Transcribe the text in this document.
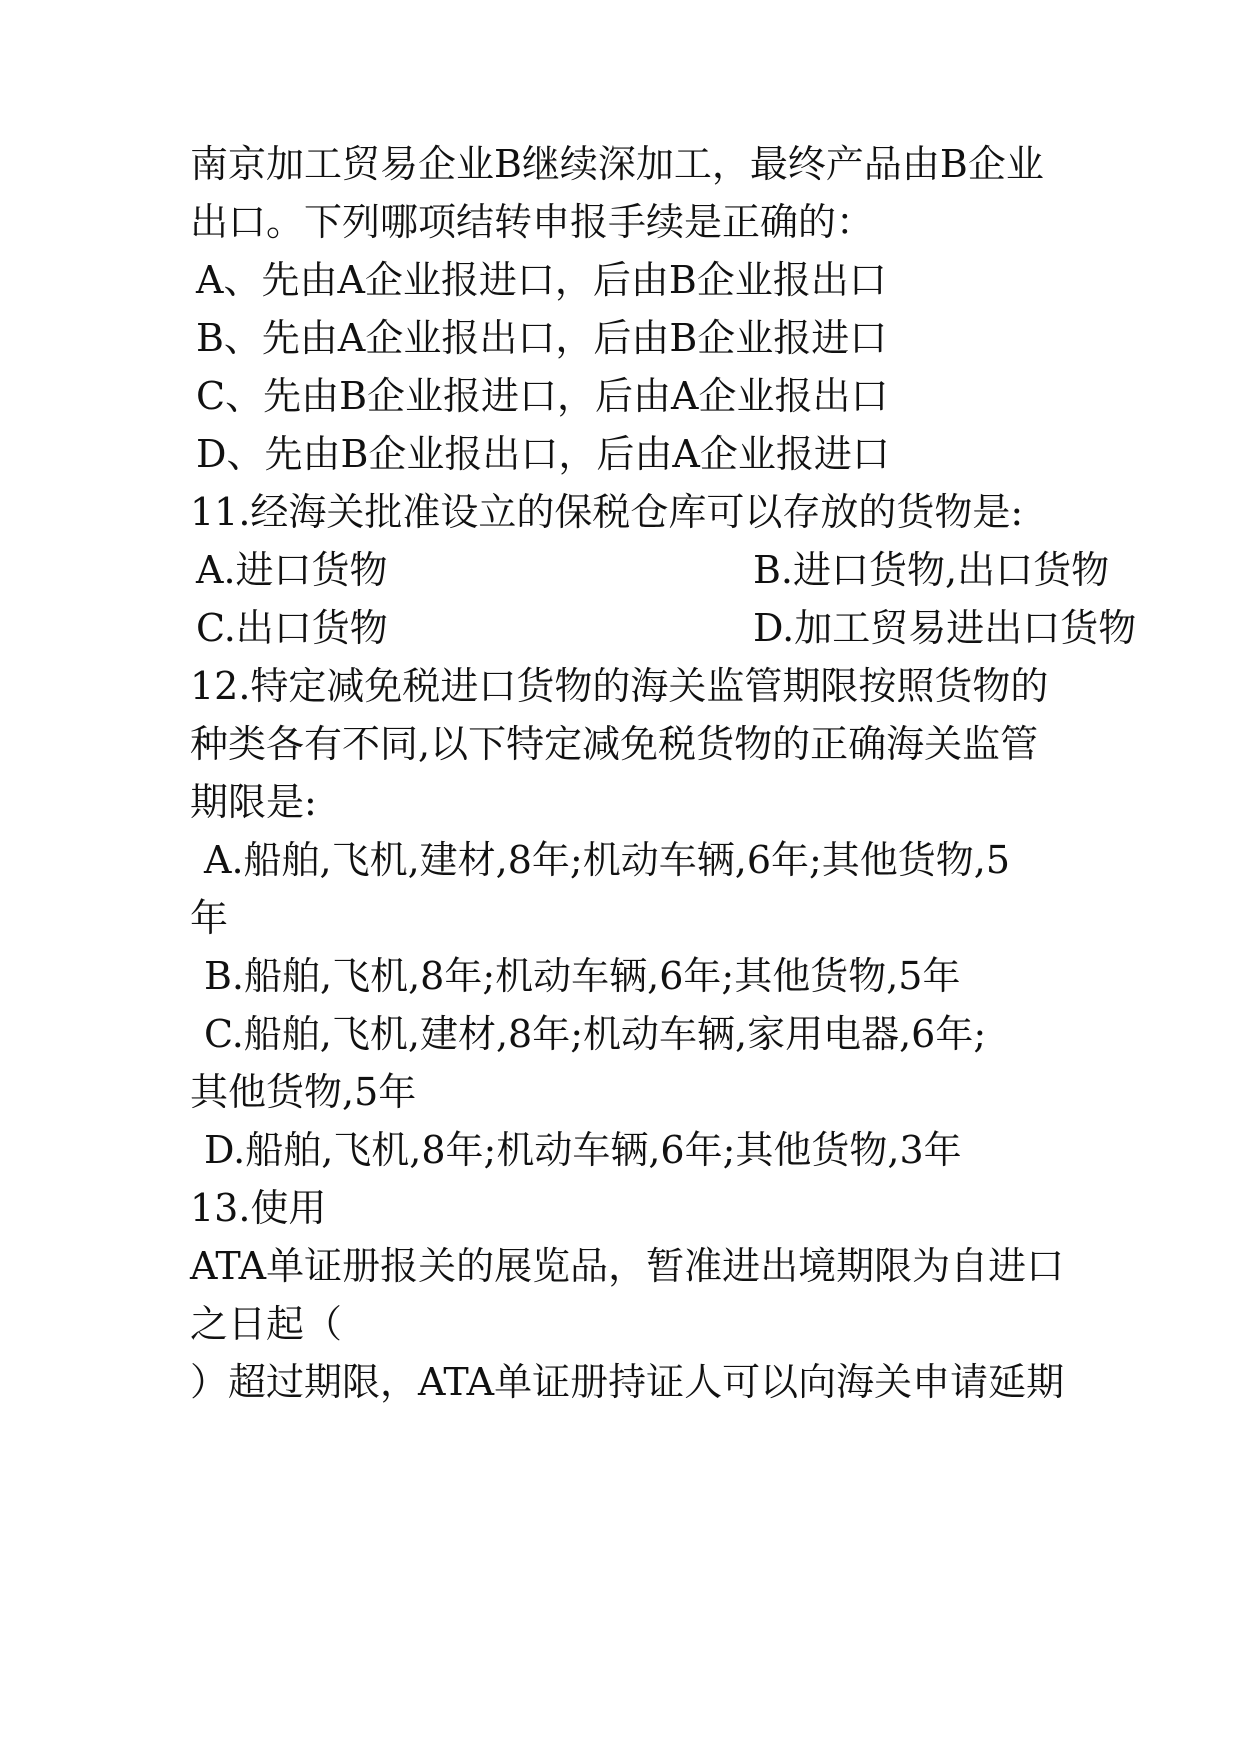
南京加工贸易企业B继续深加工，最终产品由B企业
出口。下列哪项结转申报手续是正确的：
A、先由A企业报进口，后由B企业报出口
B、先由A企业报出口，后由B企业报进口
C、先由B企业报进口，后由A企业报出口
D、先由B企业报出口，后由A企业报进口
11.经海关批准设立的保税仓库可以存放的货物是:
A.进口货物	B.进口货物,出口货物
C.出口货物	D.加工贸易进出口货物
12.特定减免税进口货物的海关监管期限按照货物的
种类各有不同,以下特定减免税货物的正确海关监管
期限是:
A.船舶,飞机,建材,8年;机动车辆,6年;其他货物,5
年
B.船舶,飞机,8年;机动车辆,6年;其他货物,5年
C.船舶,飞机,建材,8年;机动车辆,家用电器,6年;
其他货物,5年
D.船舶,飞机,8年;机动车辆,6年;其他货物,3年
13.使用
ATA单证册报关的展览品，暂准进出境期限为自进口
之日起（
）超过期限，ATA单证册持证人可以向海关申请延期
